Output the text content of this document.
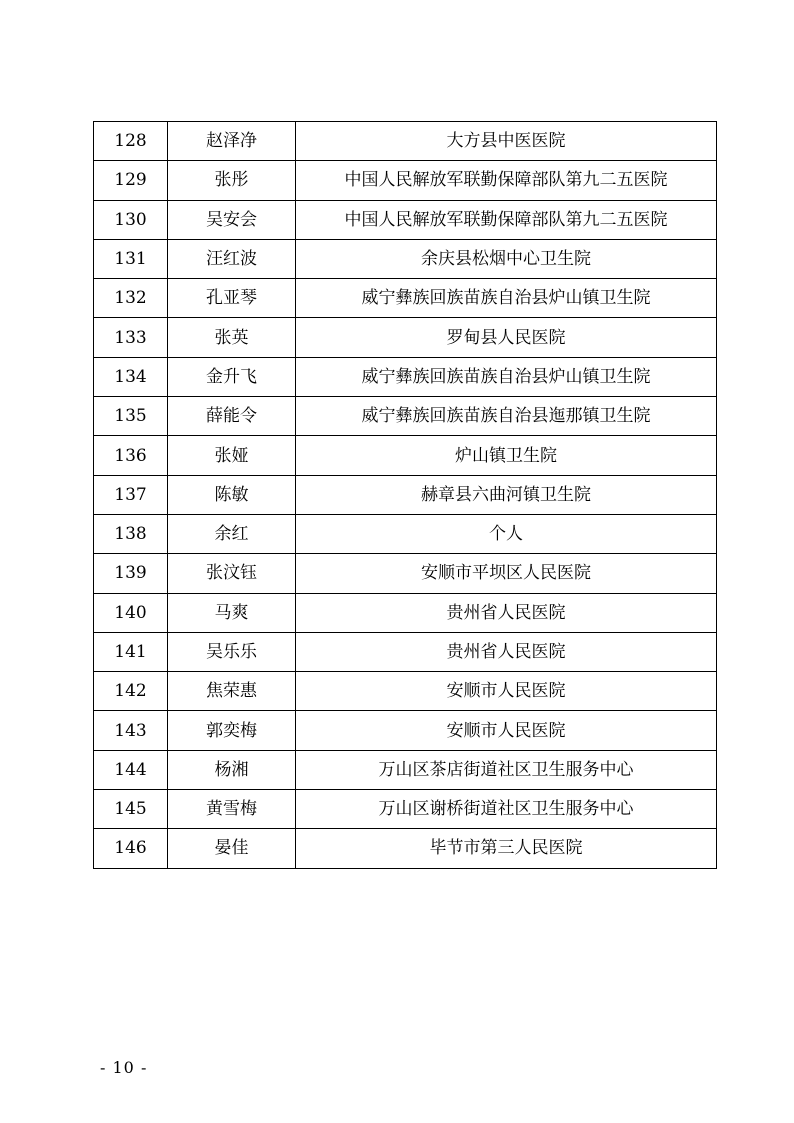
128	赵泽净	大方县中医医院
129	张彤	中国人民解放军联勤保障部队第九二五医院
130	吴安会	中国人民解放军联勤保障部队第九二五医院
131	汪红波	余庆县松烟中心卫生院
132	孔亚琴	威宁彝族回族苗族自治县炉山镇卫生院
133	张英	罗甸县人民医院
134	金升飞	威宁彝族回族苗族自治县炉山镇卫生院
135	薛能令	威宁彝族回族苗族自治县迤那镇卫生院
136	张娅	炉山镇卫生院
137	陈敏	赫章县六曲河镇卫生院
138	余红	个人
139	张汶钰	安顺市平坝区人民医院
140	马爽	贵州省人民医院
141	吴乐乐	贵州省人民医院
142	焦荣惠	安顺市人民医院
143	郭奕梅	安顺市人民医院
144	杨湘	万山区茶店街道社区卫生服务中心
145	黄雪梅	万山区谢桥街道社区卫生服务中心
146	晏佳	毕节市第三人民医院
- 10 -
